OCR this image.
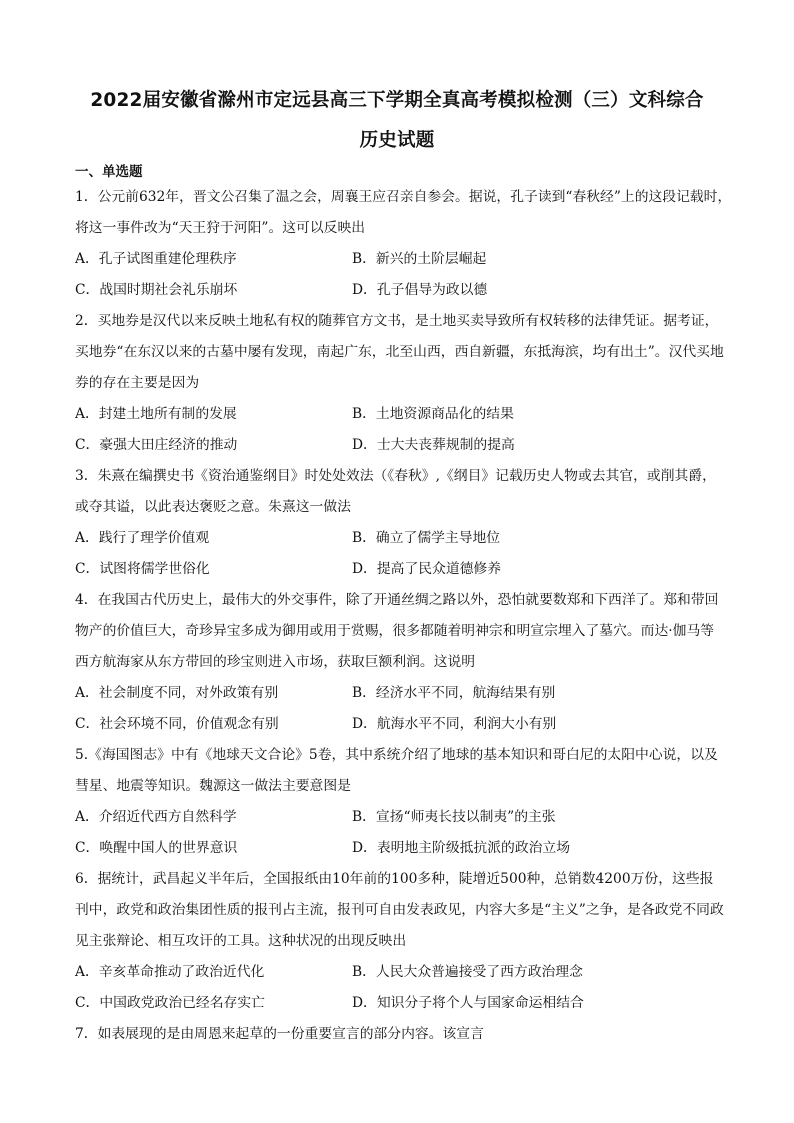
2022届安徽省滁州市定远县高三下学期全真高考模拟检测（三）文科综合
历史试题
一、单选题
1．公元前632年，晋文公召集了温之会，周襄王应召亲自参会。据说，孔子读到“春秋经”上的这段记载时，
将这一事件改为“天王狩于河阳”。这可以反映出
A．孔子试图重建伦理秩序	B．新兴的土阶层崛起
C．战国时期社会礼乐崩坏	D．孔子倡导为政以德
2．买地券是汉代以来反映土地私有权的随葬官方文书，是土地买卖导致所有权转移的法律凭证。据考证，
买地券“在东汉以来的古墓中屡有发现，南起广东，北至山西，西自新疆，东抵海滨，均有出土”。汉代买地
券的存在主要是因为
A．封建土地所有制的发展	B．土地资源商品化的结果
C．豪强大田庄经济的推动	D．士大夫丧葬规制的提高
3．朱熹在编撰史书《资治通鉴纲目》时处处效法（《春秋》,《纲目》记载历史人物或去其官，或削其爵，
或夺其谥，以此表达褒贬之意。朱熹这一做法
A．践行了理学价值观	B．确立了儒学主导地位
C．试图将儒学世俗化	D．提高了民众道德修养
4．在我国古代历史上，最伟大的外交事件，除了开通丝绸之路以外，恐怕就要数郑和下西洋了。郑和带回
物产的价值巨大，奇珍异宝多成为御用或用于赏赐，很多都随着明神宗和明宣宗埋入了墓穴。而达·伽马等
西方航海家从东方带回的珍宝则进入市场，获取巨额利润。这说明
A．社会制度不同，对外政策有别	B．经济水平不同，航海结果有别
C．社会环境不同，价值观念有别	D．航海水平不同，利润大小有别
5.《海国图志》中有《地球天文合论》5卷，其中系统介绍了地球的基本知识和哥白尼的太阳中心说，以及
彗星、地震等知识。魏源这一做法主要意图是
A．介绍近代西方自然科学	B．宣扬“师夷长技以制夷”的主张
C．唤醒中国人的世界意识	D．表明地主阶级抵抗派的政治立场
6．据统计，武昌起义半年后，全国报纸由10年前的100多种，陡增近500种，总销数4200万份，这些报
刊中，政党和政治集团性质的报刊占主流，报刊可自由发表政见，内容大多是“主义”之争，是各政党不同政
见主张辩论、相互攻讦的工具。这种状况的出现反映出
A．辛亥革命推动了政治近代化	B．人民大众普遍接受了西方政治理念
C．中国政党政治已经名存实亡	D．知识分子将个人与国家命运相结合
7．如表展现的是由周恩来起草的一份重要宣言的部分内容。该宣言
